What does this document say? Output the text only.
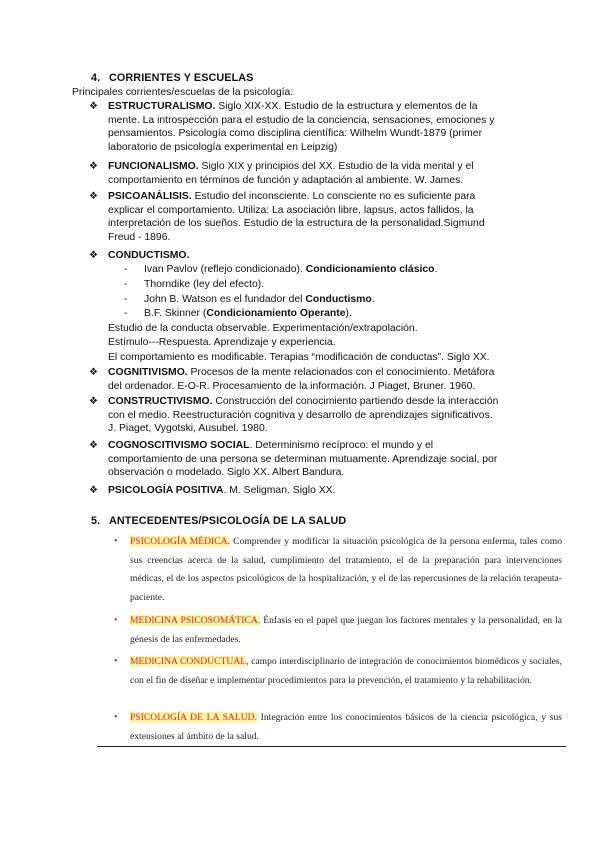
4. CORRIENTES Y ESCUELAS
Principales corrientes/escuelas de la psicología:
❖ ESTRUCTURALISMO. Siglo XIX-XX. Estudio de la estructura y elementos de la
mente. La introspección para el estudio de la conciencia, sensaciones, emociones y
pensamientos. Psicología como disciplina científica: Wilhelm Wundt-1879 (primer
laboratorio de psicología experimental en Leipzig)
❖ FUNCIONALISMO. Siglo XIX y principios del XX. Estudio de la vida mental y el
comportamiento en términos de función y adaptación al ambiente. W. James.
❖ PSICOANÁLISIS. Estudio del inconsciente. Lo consciente no es suficiente para
explicar el comportamiento. Utiliza: La asociación libre, lapsus, actos fallidos, la
interpretación de los sueños. Estudio de la estructura de la personalidad.Sigmund
Freud - 1896.
❖ CONDUCTISMO.
- Ivan Pavlov (reflejo condicionado). Condicionamiento clásico.
- Thorndike (ley del efecto).
- John B. Watson es el fundador del Conductismo.
- B.F. Skinner (Condicionamiento Operante).
Estudio de la conducta observable. Experimentación/extrapolación.
Estímulo---Respuesta. Aprendizaje y experiencia.
El comportamiento es modificable. Terapias “modificación de conductas”. Siglo XX.
❖ COGNITIVISMO. Procesos de la mente relacionados con el conocimiento. Metáfora
del ordenador. E-O-R. Procesamiento de la información. J Piaget, Bruner. 1960.
❖ CONSTRUCTIVISMO. Construcción del conocimiento partiendo desde la interacción
con el medio. Reestructuración cognitiva y desarrollo de aprendizajes significativos.
J. Piaget, Vygotski, Ausubel. 1980.
❖ COGNOSCITIVISMO SOCIAL. Determinismo recíproco: el mundo y el
comportamiento de una persona se determinan mutuamente. Aprendizaje social, por
observación o modelado. Siglo XX. Albert Bandura.
❖ PSICOLOGÍA POSITIVA. M. Seligman. Siglo XX.
5. ANTECEDENTES/PSICOLOGÍA DE LA SALUD
•	PSICOLOGÍA MÉDICA. Comprender y modificar la situación psicológica de la persona enferma, tales como sus creencias acerca de la salud, cumplimiento del tratamiento, el de la preparación para intervenciones médicas, el de los aspectos psicológicos de la hospitalización, y el de las repercusiones de la relación terapeuta-paciente.
•	MEDICINA PSICOSOMÁTICA. Énfasis en el papel que juegan los factores mentales y la personalidad, en la génesis de las enfermedades.
•	MEDICINA CONDUCTUAL, campo interdisciplinario de integración de conocimientos biomédicos y sociales, con el fin de diseñar e implementar procedimientos para la prevención, el tratamiento y la rehabilitación.
•	PSICOLOGÍA DE LA SALUD. Integración entre los conocimientos básicos de la ciencia psicológica, y sus extensiones al ámbito de la salud.
